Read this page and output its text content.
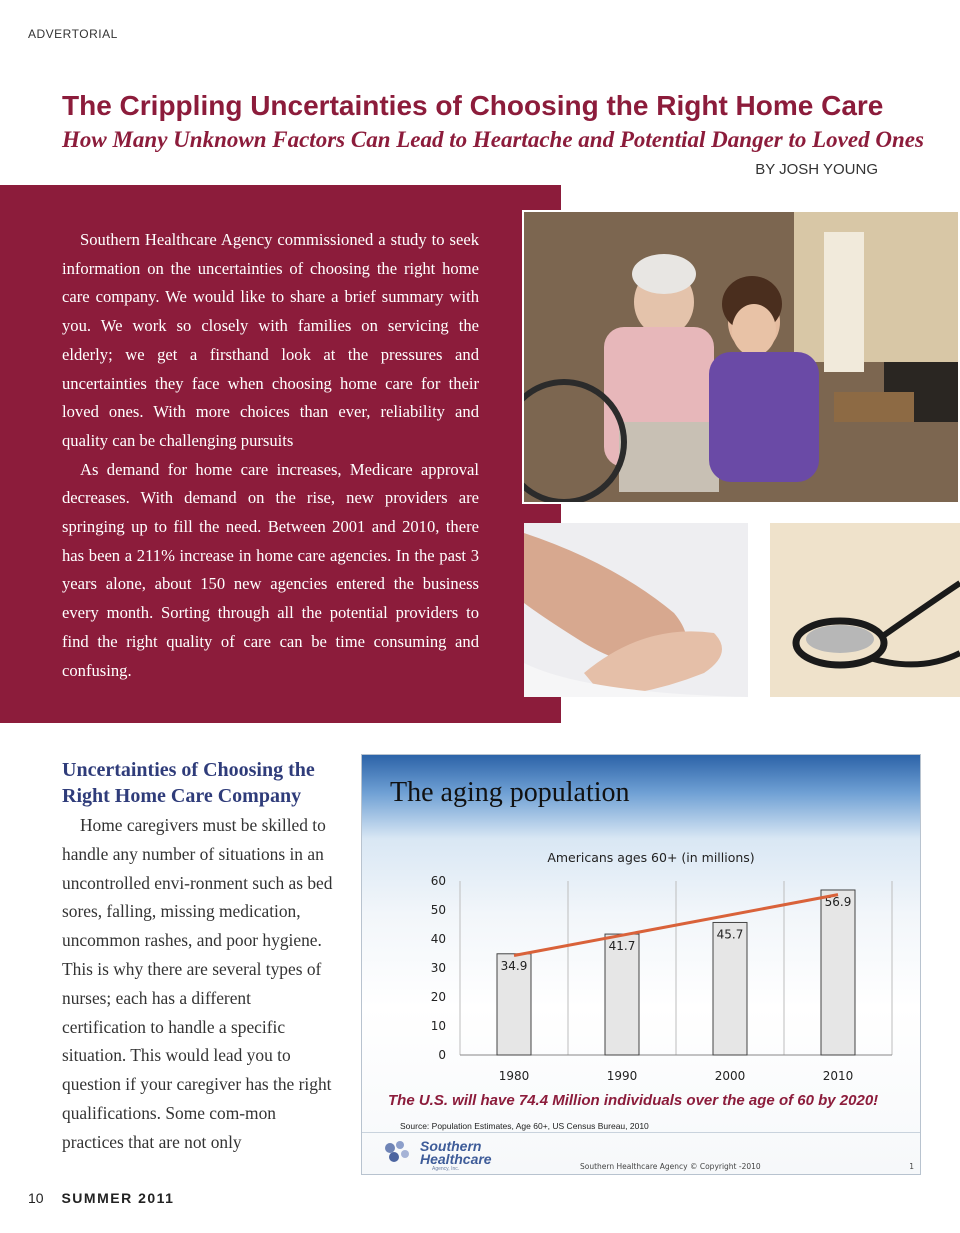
ADVERTORIAL
The Crippling Uncertainties of Choosing the Right Home Care
How Many Unknown Factors Can Lead to Heartache and Potential Danger to Loved Ones
BY JOSH YOUNG

Southern Healthcare Agency commissioned a study to seek information on the uncertainties of choosing the right home care company. We would like to share a brief summary with you. We work so closely with families on servicing the elderly; we get a firsthand look at the pressures and uncertainties they face when choosing home care for their loved ones. With more choices than ever, reliability and quality can be challenging pursuits

As demand for home care increases, Medicare approval decreases. With demand on the rise, new providers are springing up to fill the need. Between 2001 and 2010, there has been a 211% increase in home care agencies. In the past 3 years alone, about 150 new agencies entered the business every month. Sorting through all the potential providers to find the right quality of care can be time consuming and confusing.

Uncertainties of Choosing the Right Home Care Company

Home caregivers must be skilled to handle any number of situations in an uncontrolled envi-ronment such as bed sores, falling, missing medication, uncommon rashes, and poor hygiene. This is why there are several types of nurses; each has a different certification to handle a specific situation. This would lead you to question if your caregiver has the right qualifications. Some com-mon practices that are not only

The aging population
Americans ages 60+ (in millions)
0
10
20
30
40
50
60
34.9
1980
41.7
1990
45.7
2000
56.9
2010
The U.S. will have 74.4 Million individuals over the age of 60 by 2020!
Source: Population Estimates, Age 60+, US Census Bureau, 2010
Southern
Healthcare
Agency, Inc.	Southern Healthcare Agency © Copyright -2010	1
10 SUMMER 2011
